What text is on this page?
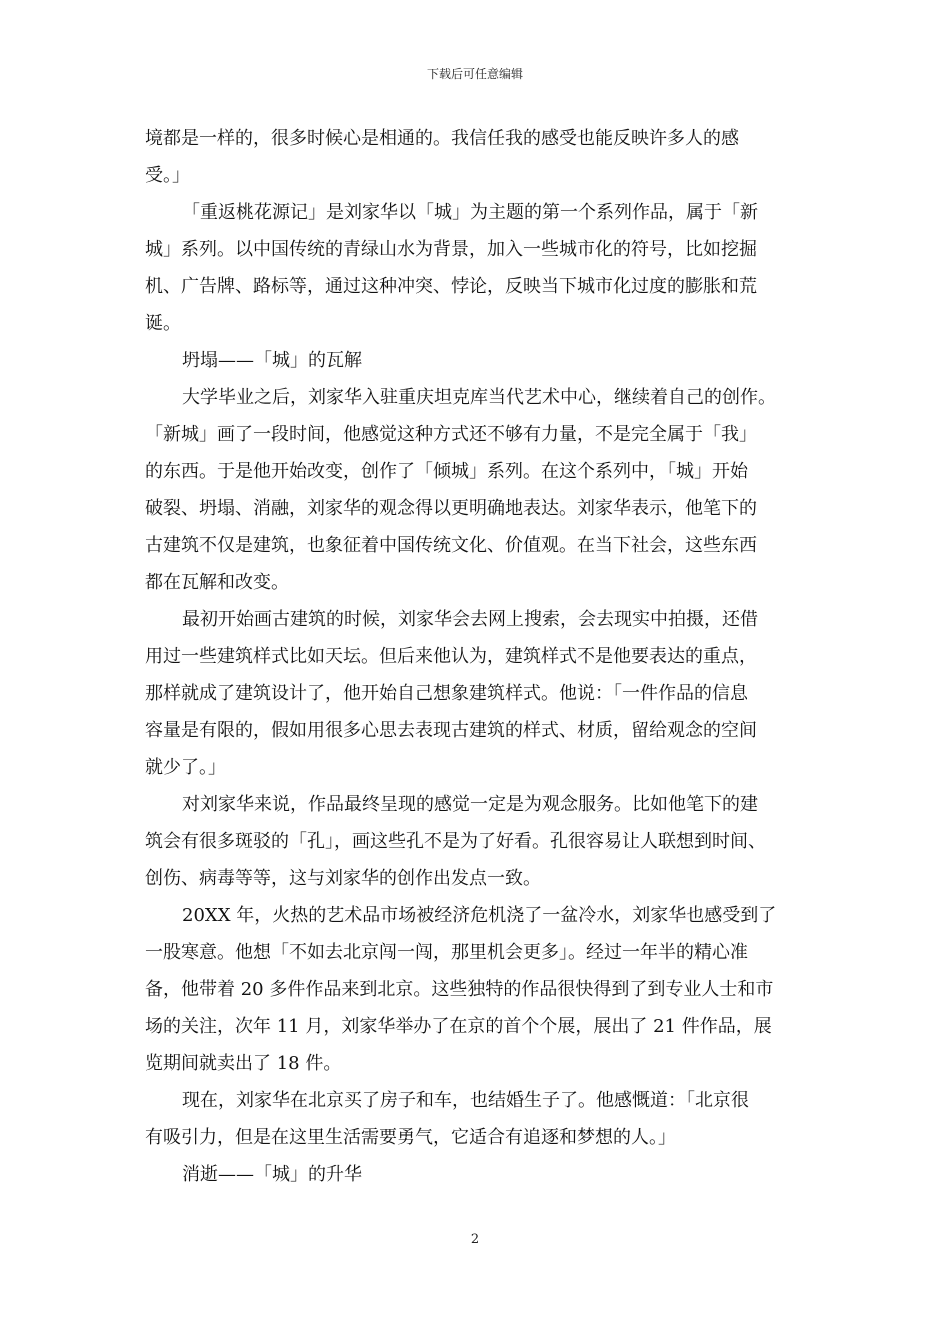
下载后可任意编辑
境都是一样的，很多时候心是相通的。我信任我的感受也能反映许多人的感
受。」
「重返桃花源记」是刘家华以「城」为主题的第一个系列作品，属于「新
城」系列。以中国传统的青绿山水为背景，加入一些城市化的符号，比如挖掘
机、广告牌、路标等，通过这种冲突、悖论，反映当下城市化过度的膨胀和荒
诞。
坍塌——「城」的瓦解
大学毕业之后，刘家华入驻重庆坦克库当代艺术中心，继续着自己的创作。
「新城」画了一段时间，他感觉这种方式还不够有力量，不是完全属于「我」
的东西。于是他开始改变，创作了「倾城」系列。在这个系列中，「城」开始
破裂、坍塌、消融，刘家华的观念得以更明确地表达。刘家华表示，他笔下的
古建筑不仅是建筑，也象征着中国传统文化、价值观。在当下社会，这些东西
都在瓦解和改变。
最初开始画古建筑的时候，刘家华会去网上搜索，会去现实中拍摄，还借
用过一些建筑样式比如天坛。但后来他认为，建筑样式不是他要表达的重点，
那样就成了建筑设计了，他开始自己想象建筑样式。他说：「一件作品的信息
容量是有限的，假如用很多心思去表现古建筑的样式、材质，留给观念的空间
就少了。」
对刘家华来说，作品最终呈现的感觉一定是为观念服务。比如他笔下的建
筑会有很多斑驳的「孔」，画这些孔不是为了好看。孔很容易让人联想到时间、
创伤、病毒等等，这与刘家华的创作出发点一致。
20XX 年，火热的艺术品市场被经济危机浇了一盆冷水，刘家华也感受到了
一股寒意。他想「不如去北京闯一闯，那里机会更多」。经过一年半的精心准
备，他带着 20 多件作品来到北京。这些独特的作品很快得到了到专业人士和市
场的关注，次年 11 月，刘家华举办了在京的首个个展，展出了 21 件作品，展
览期间就卖出了 18 件。
现在，刘家华在北京买了房子和车，也结婚生子了。他感慨道：「北京很
有吸引力，但是在这里生活需要勇气，它适合有追逐和梦想的人。」
消逝——「城」的升华
2
